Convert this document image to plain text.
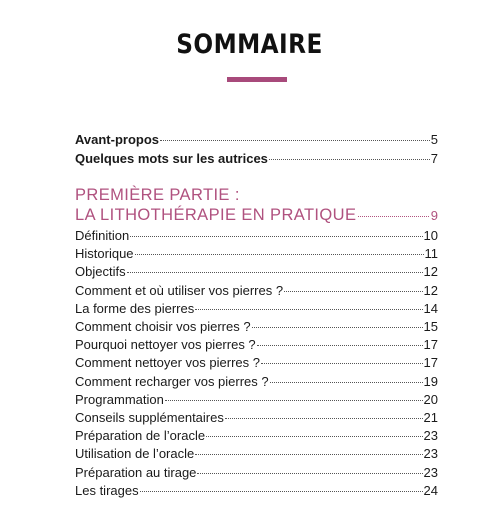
SOMMAIRE
Avant-propos	5
Quelques mots sur les autrices	7
PREMIÈRE PARTIE :
LA LITHOTHÉRAPIE EN PRATIQUE	9
Définition	10
Historique	11
Objectifs	12
Comment et où utiliser vos pierres ?	12
La forme des pierres	14
Comment choisir vos pierres ?	15
Pourquoi nettoyer vos pierres ?	17
Comment nettoyer vos pierres ?	17
Comment recharger vos pierres ?	19
Programmation	20
Conseils supplémentaires	21
Préparation de l’oracle	23
Utilisation de l’oracle	23
Préparation au tirage	23
Les tirages	24
